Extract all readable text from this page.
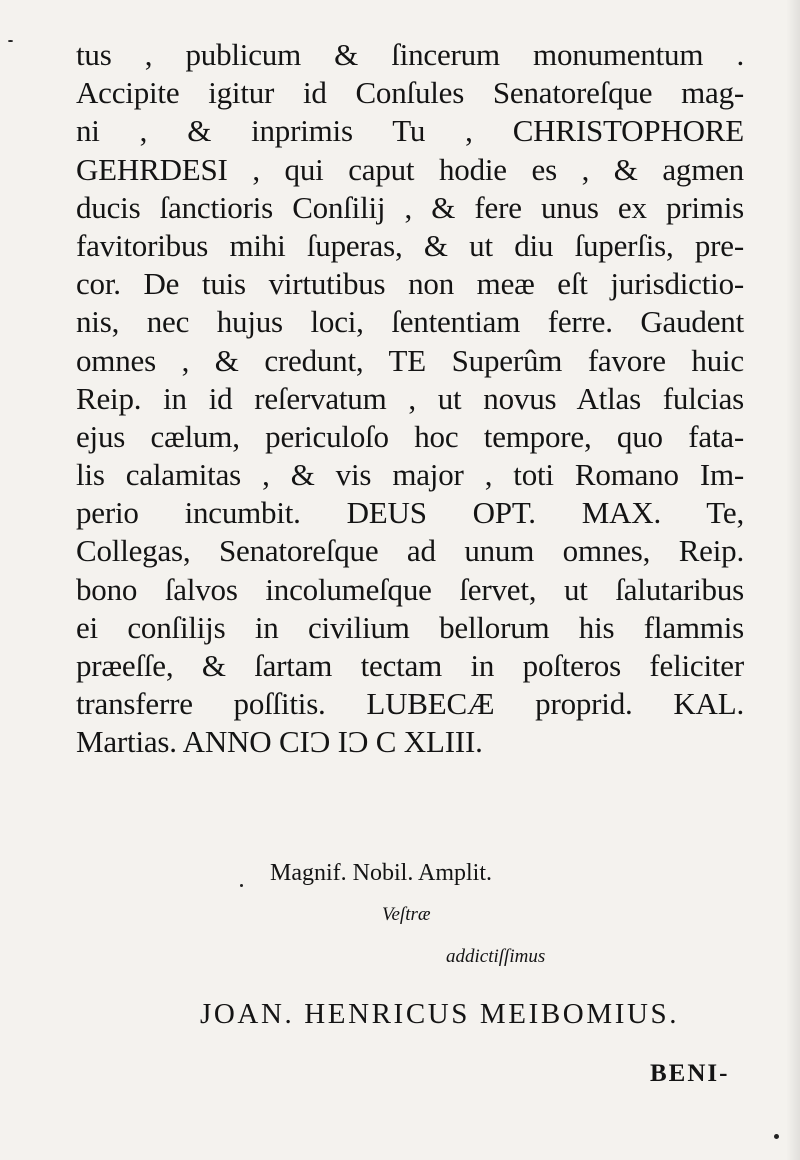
tus , publicum & ſincerum monumentum .
Accipite igitur id Conſules Senatoreſque mag-
ni , & inprimis Tu , CHRISTOPHORE
GEHRDESI , qui caput hodie es , & agmen
ducis ſanctioris Conſilij , & fere unus ex primis
favitoribus mihi ſuperas, & ut diu ſuperſis, pre-
cor. De tuis virtutibus non meæ eſt jurisdictio-
nis, nec hujus loci, ſententiam ferre. Gaudent
omnes , & credunt, TE Superûm favore huic
Reip. in id reſervatum , ut novus Atlas fulcias
ejus cælum, periculoſo hoc tempore, quo fata-
lis calamitas , & vis major , toti Romano Im-
perio incumbit. DEUS OPT. MAX. Te,
Collegas, Senatoreſque ad unum omnes, Reip.
bono ſalvos incolumeſque ſervet, ut ſalutaribus
ei conſilijs in civilium bellorum his flammis
præeſſe, & ſartam tectam in poſteros feliciter
transferre poſſitis. LUBECÆ proprid. KAL.
Martias. ANNO CIƆ IƆ C XLIII.
Magnif. Nobil. Amplit.
Veſtræ
addictiſſimus
JOAN. HENRICUS MEIBOMIUS.
BENI-
